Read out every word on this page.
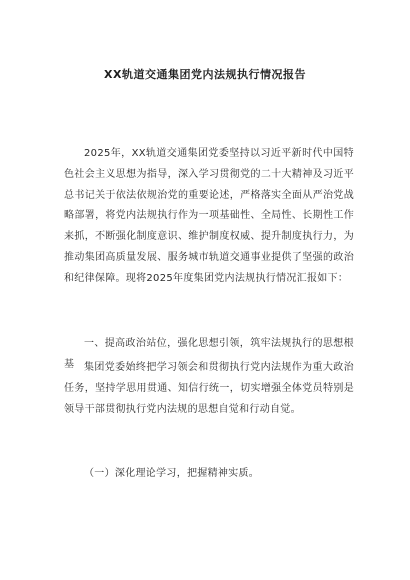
XX轨道交通集团党内法规执行情况报告

2025年，XX轨道交通集团党委坚持以习近平新时代中国特色社会主义思想为指导，深入学习贯彻党的二十大精神及习近平总书记关于依法依规治党的重要论述，严格落实全面从严治党战略部署，将党内法规执行作为一项基础性、全局性、长期性工作来抓，不断强化制度意识、维护制度权威、提升制度执行力，为推动集团高质量发展、服务城市轨道交通事业提供了坚强的政治和纪律保障。现将2025年度集团党内法规执行情况汇报如下：

一、提高政治站位，强化思想引领，筑牢法规执行的思想根基 集团党委始终把学习领会和贯彻执行党内法规作为重大政治任务，坚持学思用贯通、知信行统一，切实增强全体党员特别是领导干部贯彻执行党内法规的思想自觉和行动自觉。

（一）深化理论学习，把握精神实质。
